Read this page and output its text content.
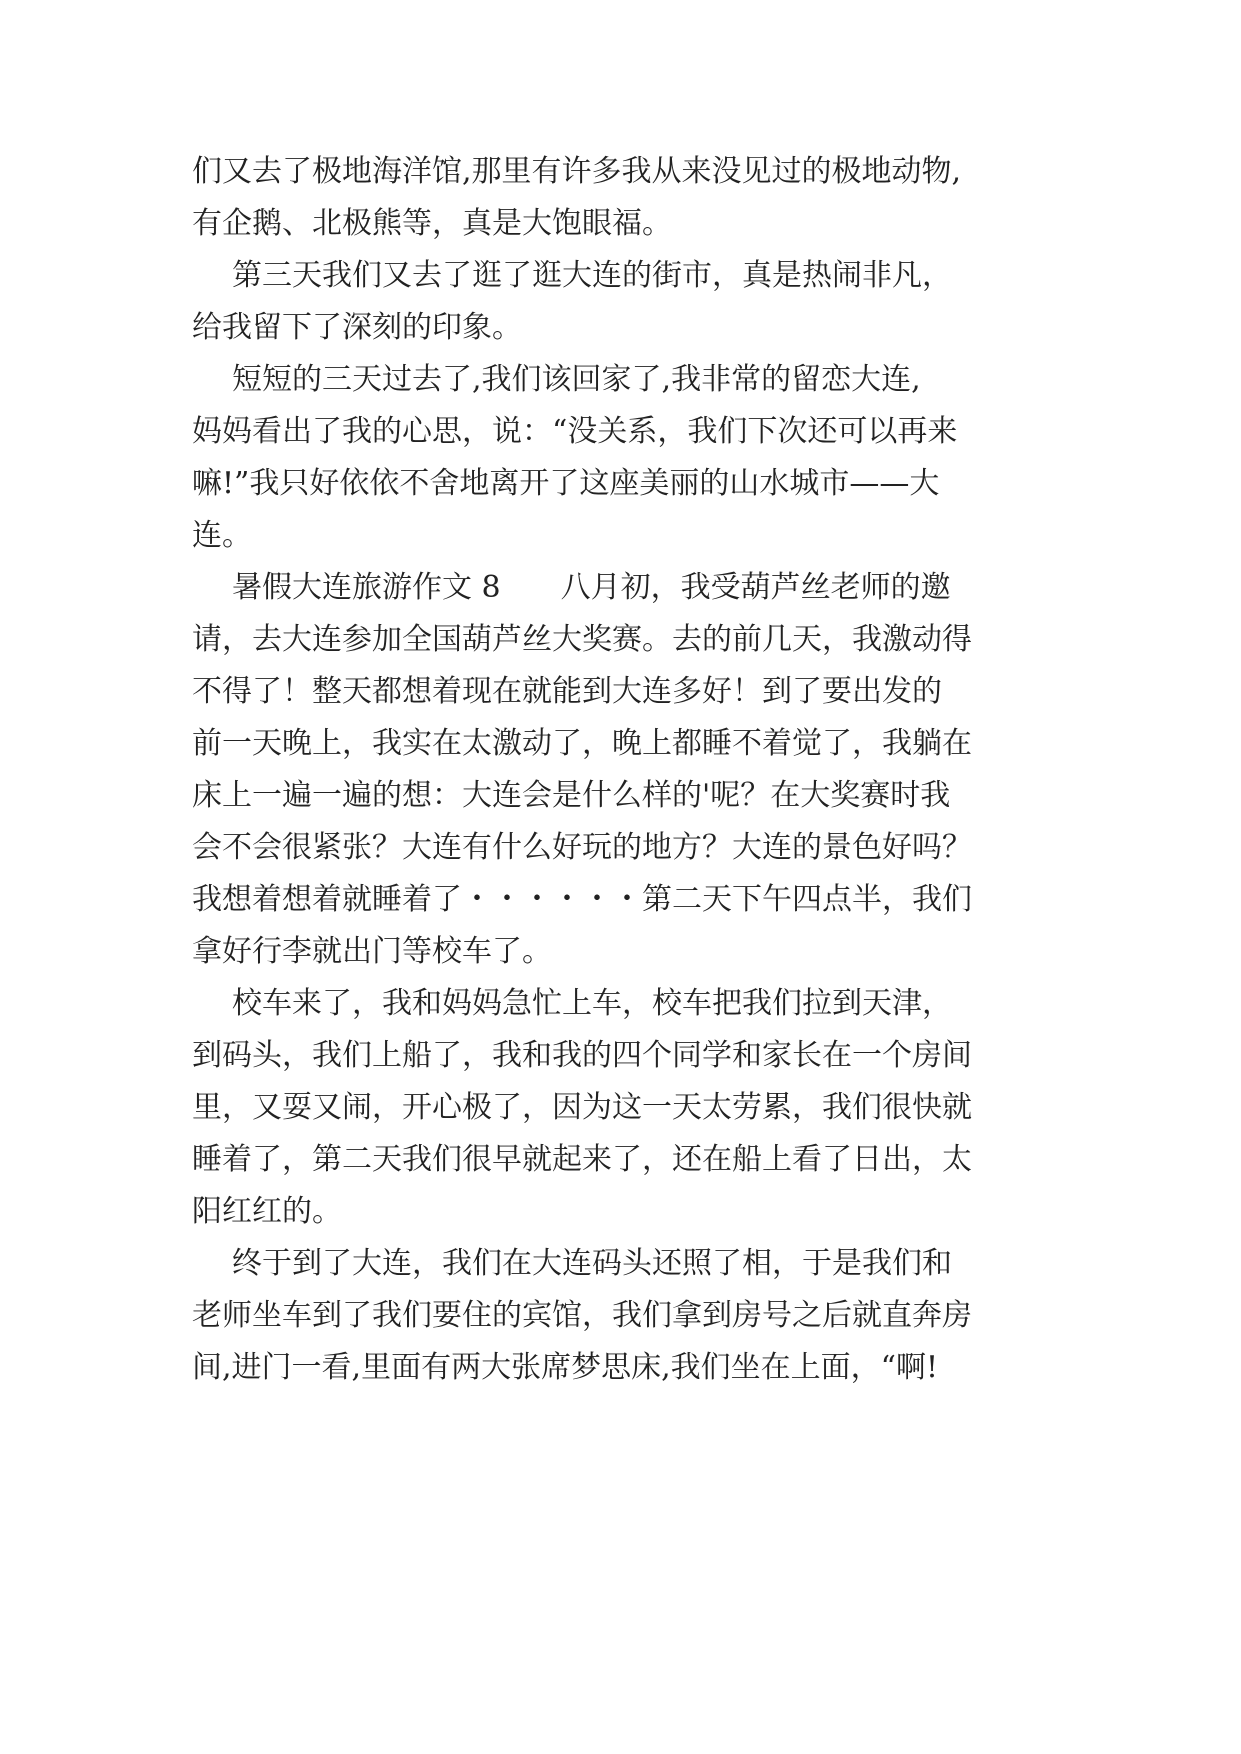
们又去了极地海洋馆,那里有许多我从来没见过的极地动物,
有企鹅、北极熊等，真是大饱眼福。
第三天我们又去了逛了逛大连的街市，真是热闹非凡，
给我留下了深刻的印象。
短短的三天过去了,我们该回家了,我非常的留恋大连,
妈妈看出了我的心思，说：“没关系，我们下次还可以再来
嘛!”我只好依依不舍地离开了这座美丽的山水城市——大
连。
暑假大连旅游作文 8　　八月初，我受葫芦丝老师的邀
请，去大连参加全国葫芦丝大奖赛。去的前几天，我激动得
不得了！整天都想着现在就能到大连多好！到了要出发的
前一天晚上，我实在太激动了，晚上都睡不着觉了，我躺在
床上一遍一遍的想：大连会是什么样的'呢？在大奖赛时我
会不会很紧张？大连有什么好玩的地方？大连的景色好吗？
我想着想着就睡着了・・・・・・第二天下午四点半，我们
拿好行李就出门等校车了。
校车来了，我和妈妈急忙上车，校车把我们拉到天津，
到码头，我们上船了，我和我的四个同学和家长在一个房间
里，又耍又闹，开心极了，因为这一天太劳累，我们很快就
睡着了，第二天我们很早就起来了，还在船上看了日出，太
阳红红的。
终于到了大连，我们在大连码头还照了相，于是我们和
老师坐车到了我们要住的宾馆，我们拿到房号之后就直奔房
间,进门一看,里面有两大张席梦思床,我们坐在上面，“啊!
